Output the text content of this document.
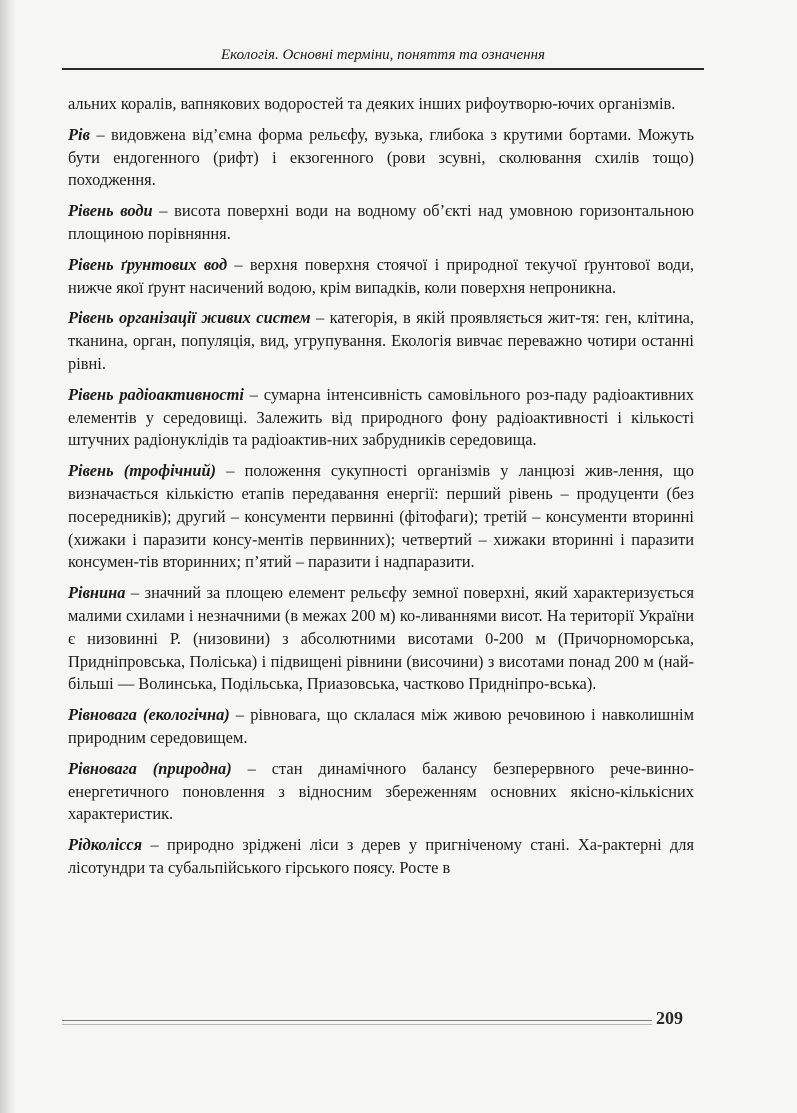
Екологія. Основні терміни, поняття та означення

альних коралів, вапнякових водоростей та деяких інших рифоутворю-ючих організмів.

Рів – видовжена від’ємна форма рельєфу, вузька, глибока з крутими бортами. Можуть бути ендогенного (рифт) і екзогенного (рови зсувні, сколювання схилів тощо) походження.

Рівень води – висота поверхні води на водному об’єкті над умовною горизонтальною площиною порівняння.

Рівень ґрунтових вод – верхня поверхня стоячої і природної текучої ґрунтової води, нижче якої ґрунт насичений водою, крім випадків, коли поверхня непроникна.

Рівень організації живих систем – категорія, в якій проявляється жит-тя: ген, клітина, тканина, орган, популяція, вид, угрупування. Екологія вивчає переважно чотири останні рівні.

Рівень радіоактивності – сумарна інтенсивність самовільного роз-паду радіоактивних елементів у середовищі. Залежить від природного фону радіоактивності і кількості штучних радіонуклідів та радіоактив-них забрудників середовища.

Рівень (трофічний) – положення сукупності організмів у ланцюзі жив-лення, що визначається кількістю етапів передавання енергії: перший рівень – продуценти (без посередників); другий – консументи первинні (фітофаги); третій – консументи вторинні (хижаки і паразити консу-ментів первинних); четвертий – хижаки вторинні і паразити консумен-тів вторинних; п’ятий – паразити і надпаразити.

Рівнина – значний за площею елемент рельєфу земної поверхні, який характеризується малими схилами і незначними (в межах 200 м) ко-ливаннями висот. На території України є низовинні Р. (низовини) з абсолютними висотами 0-200 м (Причорноморська, Придніпровська, Поліська) і підвищені рівнини (височини) з висотами понад 200 м (най-більші — Волинська, Подільська, Приазовська, частково Придніпро-вська).

Рівновага (екологічна) – рівновага, що склалася між живою речовиною і навколишнім природним середовищем.

Рівновага (природна) – стан динамічного балансу безперервного рече-винно-енергетичного поновлення з відносним збереженням основних якісно-кількісних характеристик.

Рідколісся – природно зріджені ліси з дерев у пригніченому стані. Ха-рактерні для лісотундри та субальпійського гірського поясу. Росте в

209
